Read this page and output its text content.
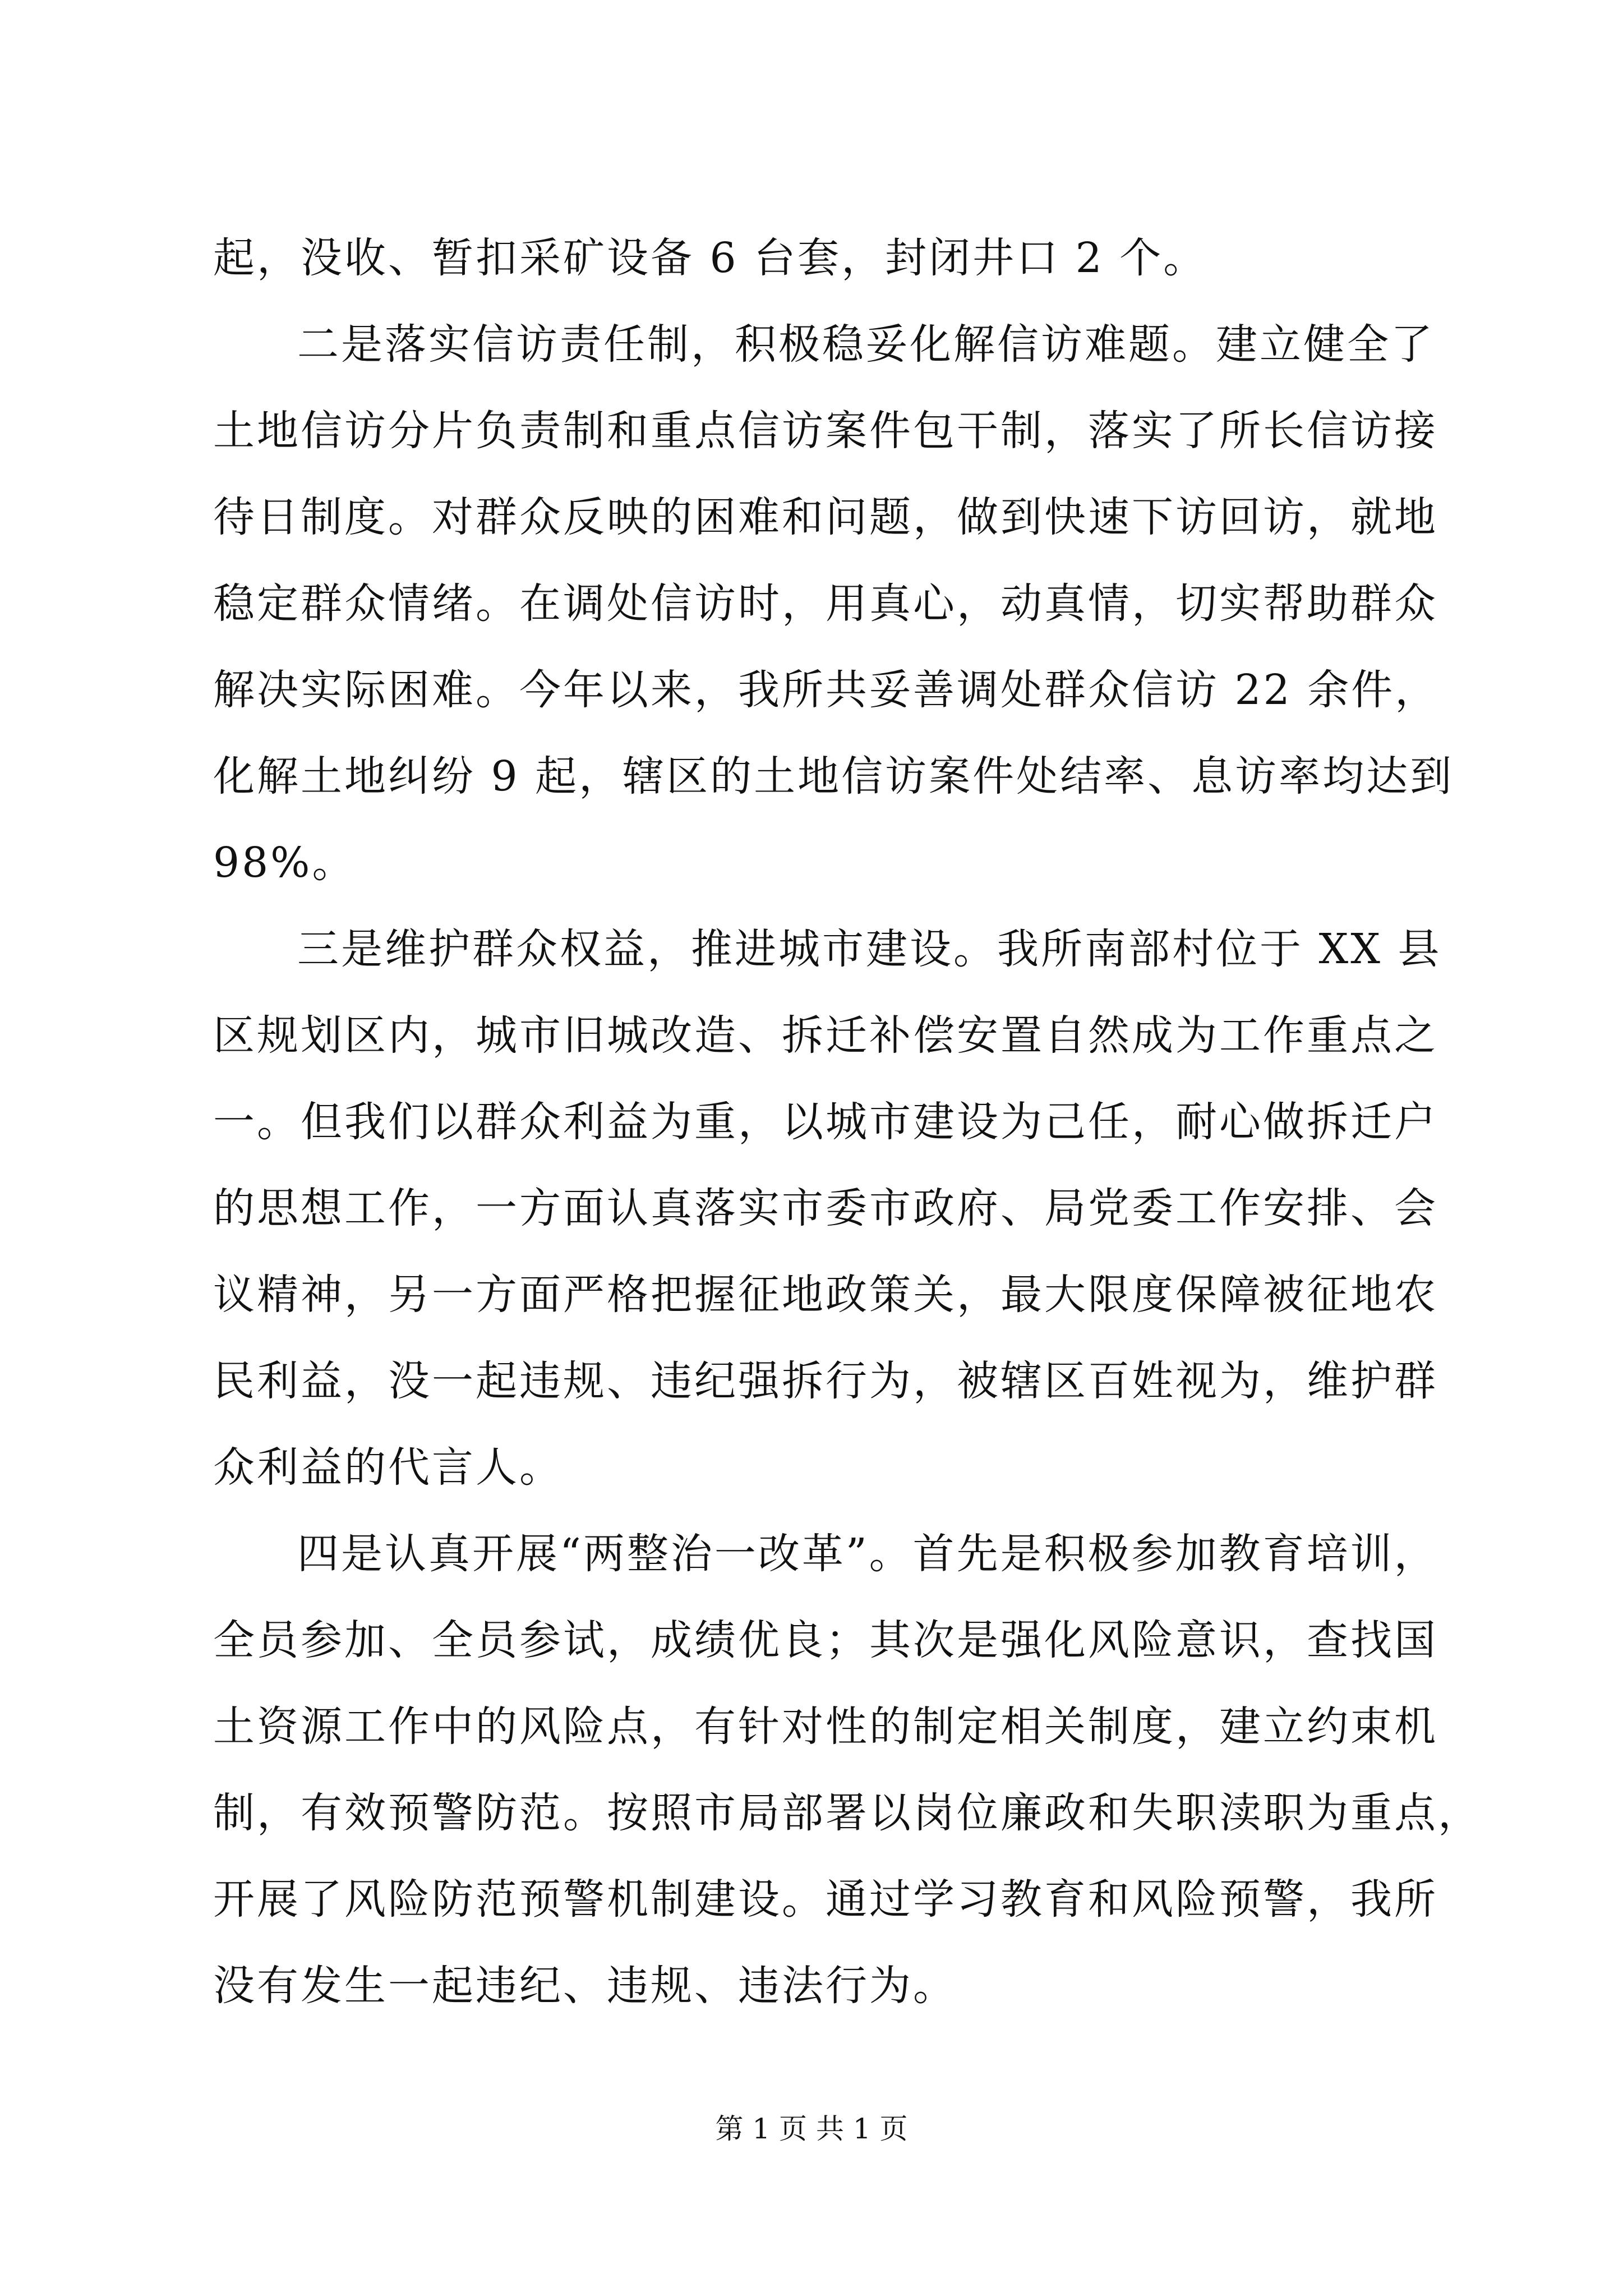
起，没收、暂扣采矿设备 6 台套，封闭井口 2 个。
二是落实信访责任制，积极稳妥化解信访难题。建立健全了
土地信访分片负责制和重点信访案件包干制，落实了所长信访接
待日制度。对群众反映的困难和问题，做到快速下访回访，就地
稳定群众情绪。在调处信访时，用真心，动真情，切实帮助群众
解决实际困难。今年以来，我所共妥善调处群众信访 22 余件，
化解土地纠纷 9 起，辖区的土地信访案件处结率、息访率均达到
98%。
三是维护群众权益，推进城市建设。我所南部村位于 XX 县
区规划区内，城市旧城改造、拆迁补偿安置自然成为工作重点之
一。但我们以群众利益为重，以城市建设为己任，耐心做拆迁户
的思想工作，一方面认真落实市委市政府、局党委工作安排、会
议精神，另一方面严格把握征地政策关，最大限度保障被征地农
民利益，没一起违规、违纪强拆行为，被辖区百姓视为，维护群
众利益的代言人。
四是认真开展“两整治一改革”。首先是积极参加教育培训，
全员参加、全员参试，成绩优良；其次是强化风险意识，查找国
土资源工作中的风险点，有针对性的制定相关制度，建立约束机
制，有效预警防范。按照市局部署以岗位廉政和失职渎职为重点，
开展了风险防范预警机制建设。通过学习教育和风险预警，我所
没有发生一起违纪、违规、违法行为。
第 1 页 共 1 页
